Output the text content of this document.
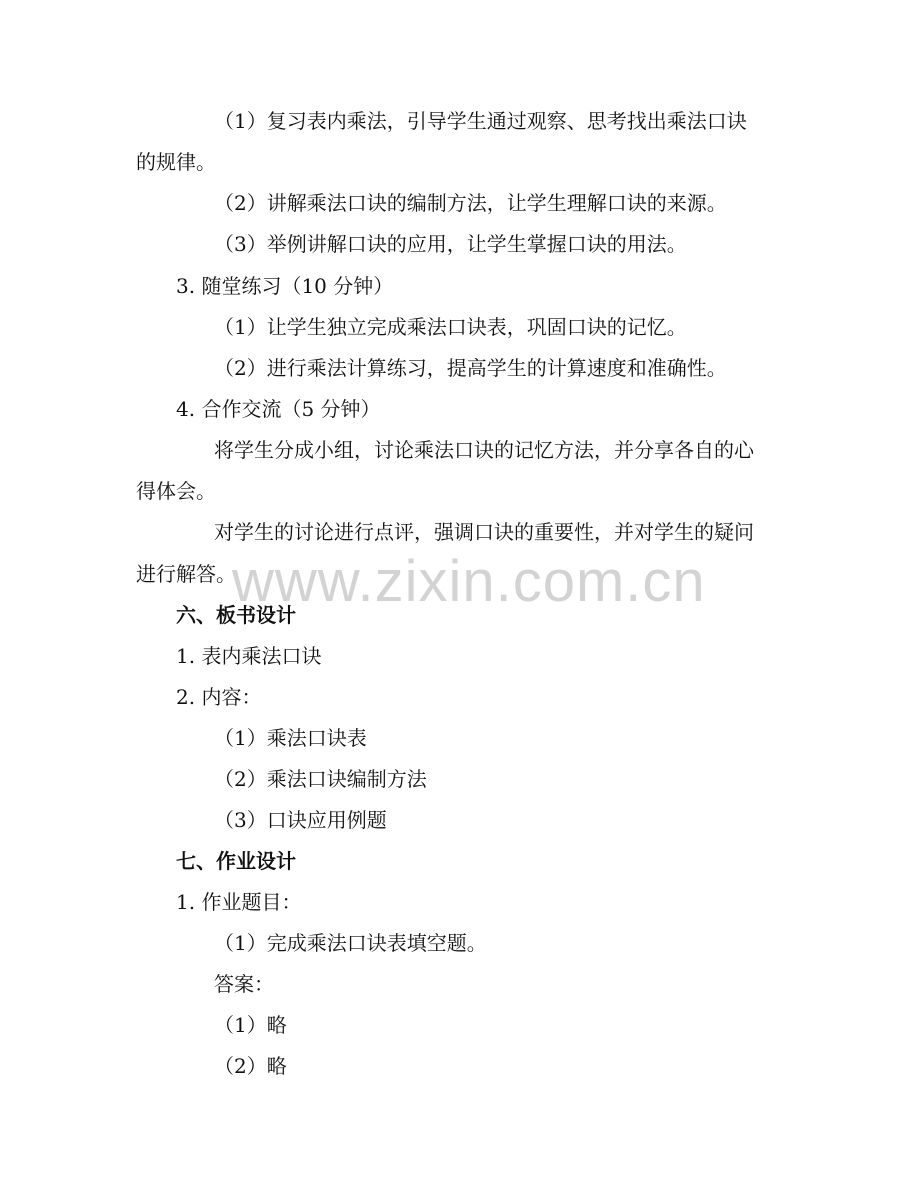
（1）复习表内乘法，引导学生通过观察、思考找出乘法口诀
的规律。
（2）讲解乘法口诀的编制方法，让学生理解口诀的来源。
（3）举例讲解口诀的应用，让学生掌握口诀的用法。
3. 随堂练习（10 分钟）
（1）让学生独立完成乘法口诀表，巩固口诀的记忆。
（2）进行乘法计算练习，提高学生的计算速度和准确性。
4. 合作交流（5 分钟）
将学生分成小组，讨论乘法口诀的记忆方法，并分享各自的心
得体会。
对学生的讨论进行点评，强调口诀的重要性，并对学生的疑问
进行解答。
六、板书设计
1. 表内乘法口诀
2. 内容：
（1）乘法口诀表
（2）乘法口诀编制方法
（3）口诀应用例题
七、作业设计
1. 作业题目：
（1）完成乘法口诀表填空题。
答案：
（1）略
（2）略
www.zixin.com.cn
